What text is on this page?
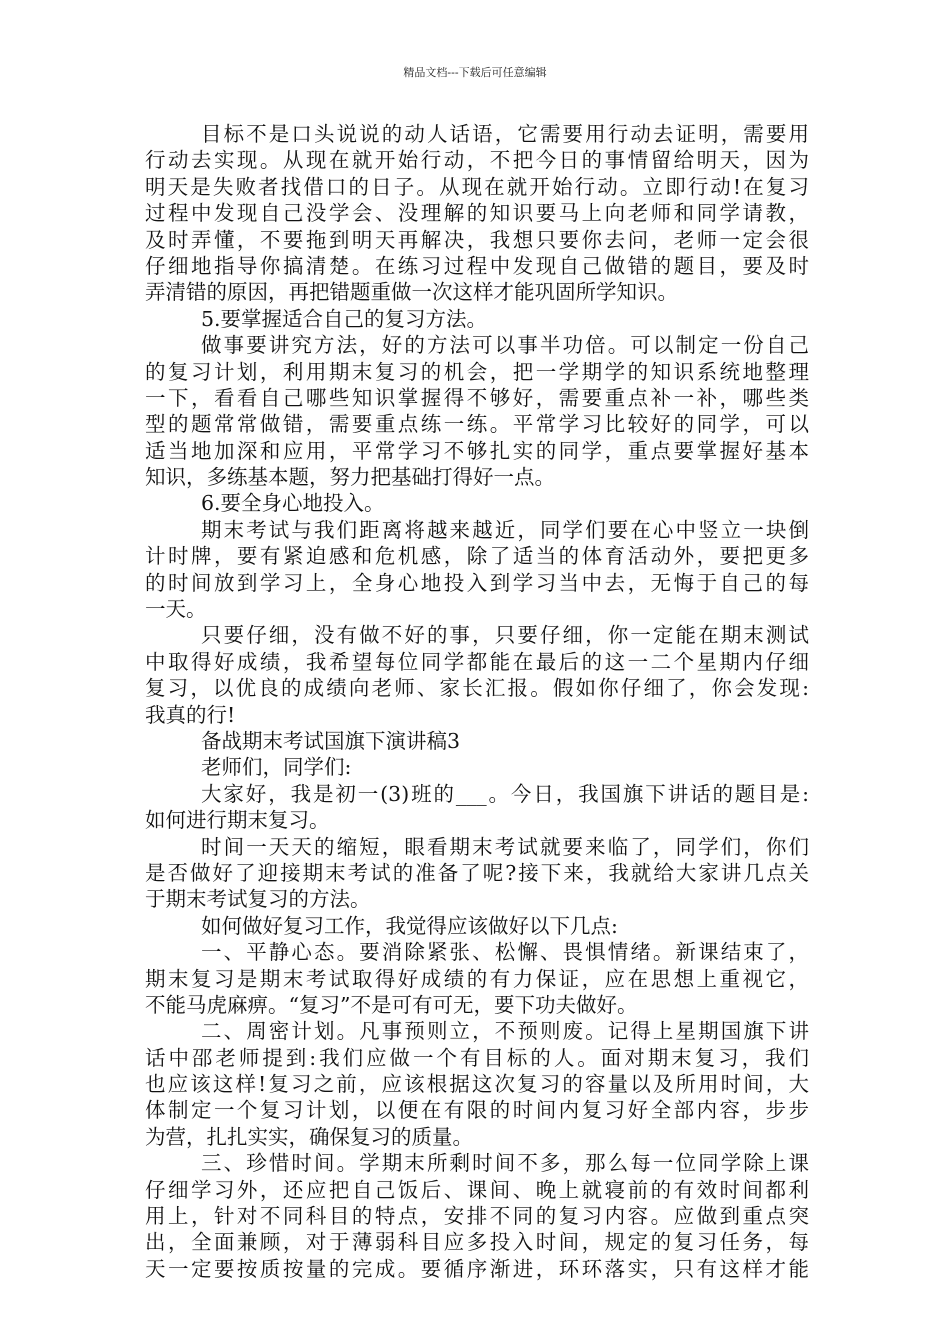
精品文档---下载后可任意编辑
目标不是口头说说的动人话语，它需要用行动去证明，需要用
行动去实现。从现在就开始行动，不把今日的事情留给明天，因为
明天是失败者找借口的日子。从现在就开始行动。立即行动!在复习
过程中发现自己没学会、没理解的知识要马上向老师和同学请教，
及时弄懂，不要拖到明天再解决，我想只要你去问，老师一定会很
仔细地指导你搞清楚。在练习过程中发现自己做错的题目，要及时
弄清错的原因，再把错题重做一次这样才能巩固所学知识。
5.要掌握适合自己的复习方法。
做事要讲究方法，好的方法可以事半功倍。可以制定一份自己
的复习计划，利用期末复习的机会，把一学期学的知识系统地整理
一下，看看自己哪些知识掌握得不够好，需要重点补一补，哪些类
型的题常常做错，需要重点练一练。平常学习比较好的同学，可以
适当地加深和应用，平常学习不够扎实的同学，重点要掌握好基本
知识，多练基本题，努力把基础打得好一点。
6.要全身心地投入。
期末考试与我们距离将越来越近，同学们要在心中竖立一块倒
计时牌，要有紧迫感和危机感，除了适当的体育活动外，要把更多
的时间放到学习上，全身心地投入到学习当中去，无悔于自己的每
一天。
只要仔细，没有做不好的事，只要仔细，你一定能在期末测试
中取得好成绩，我希望每位同学都能在最后的这一二个星期内仔细
复习，以优良的成绩向老师、家长汇报。假如你仔细了，你会发现:
我真的行!
备战期末考试国旗下演讲稿3
老师们，同学们:
大家好，我是初一(3)班的___。今日，我国旗下讲话的题目是:
如何进行期末复习。
时间一天天的缩短，眼看期末考试就要来临了，同学们，你们
是否做好了迎接期末考试的准备了呢?接下来，我就给大家讲几点关
于期末考试复习的方法。
如何做好复习工作，我觉得应该做好以下几点:
一、平静心态。要消除紧张、松懈、畏惧情绪。新课结束了，
期末复习是期末考试取得好成绩的有力保证，应在思想上重视它，
不能马虎麻痹。“复习”不是可有可无，要下功夫做好。
二、周密计划。凡事预则立，不预则废。记得上星期国旗下讲
话中邵老师提到:我们应做一个有目标的人。面对期末复习，我们
也应该这样!复习之前，应该根据这次复习的容量以及所用时间，大
体制定一个复习计划，以便在有限的时间内复习好全部内容，步步
为营，扎扎实实，确保复习的质量。
三、珍惜时间。学期末所剩时间不多，那么每一位同学除上课
仔细学习外，还应把自己饭后、课间、晚上就寝前的有效时间都利
用上，针对不同科目的特点，安排不同的复习内容。应做到重点突
出，全面兼顾，对于薄弱科目应多投入时间，规定的复习任务，每
天一定要按质按量的完成。要循序渐进，环环落实，只有这样才能
